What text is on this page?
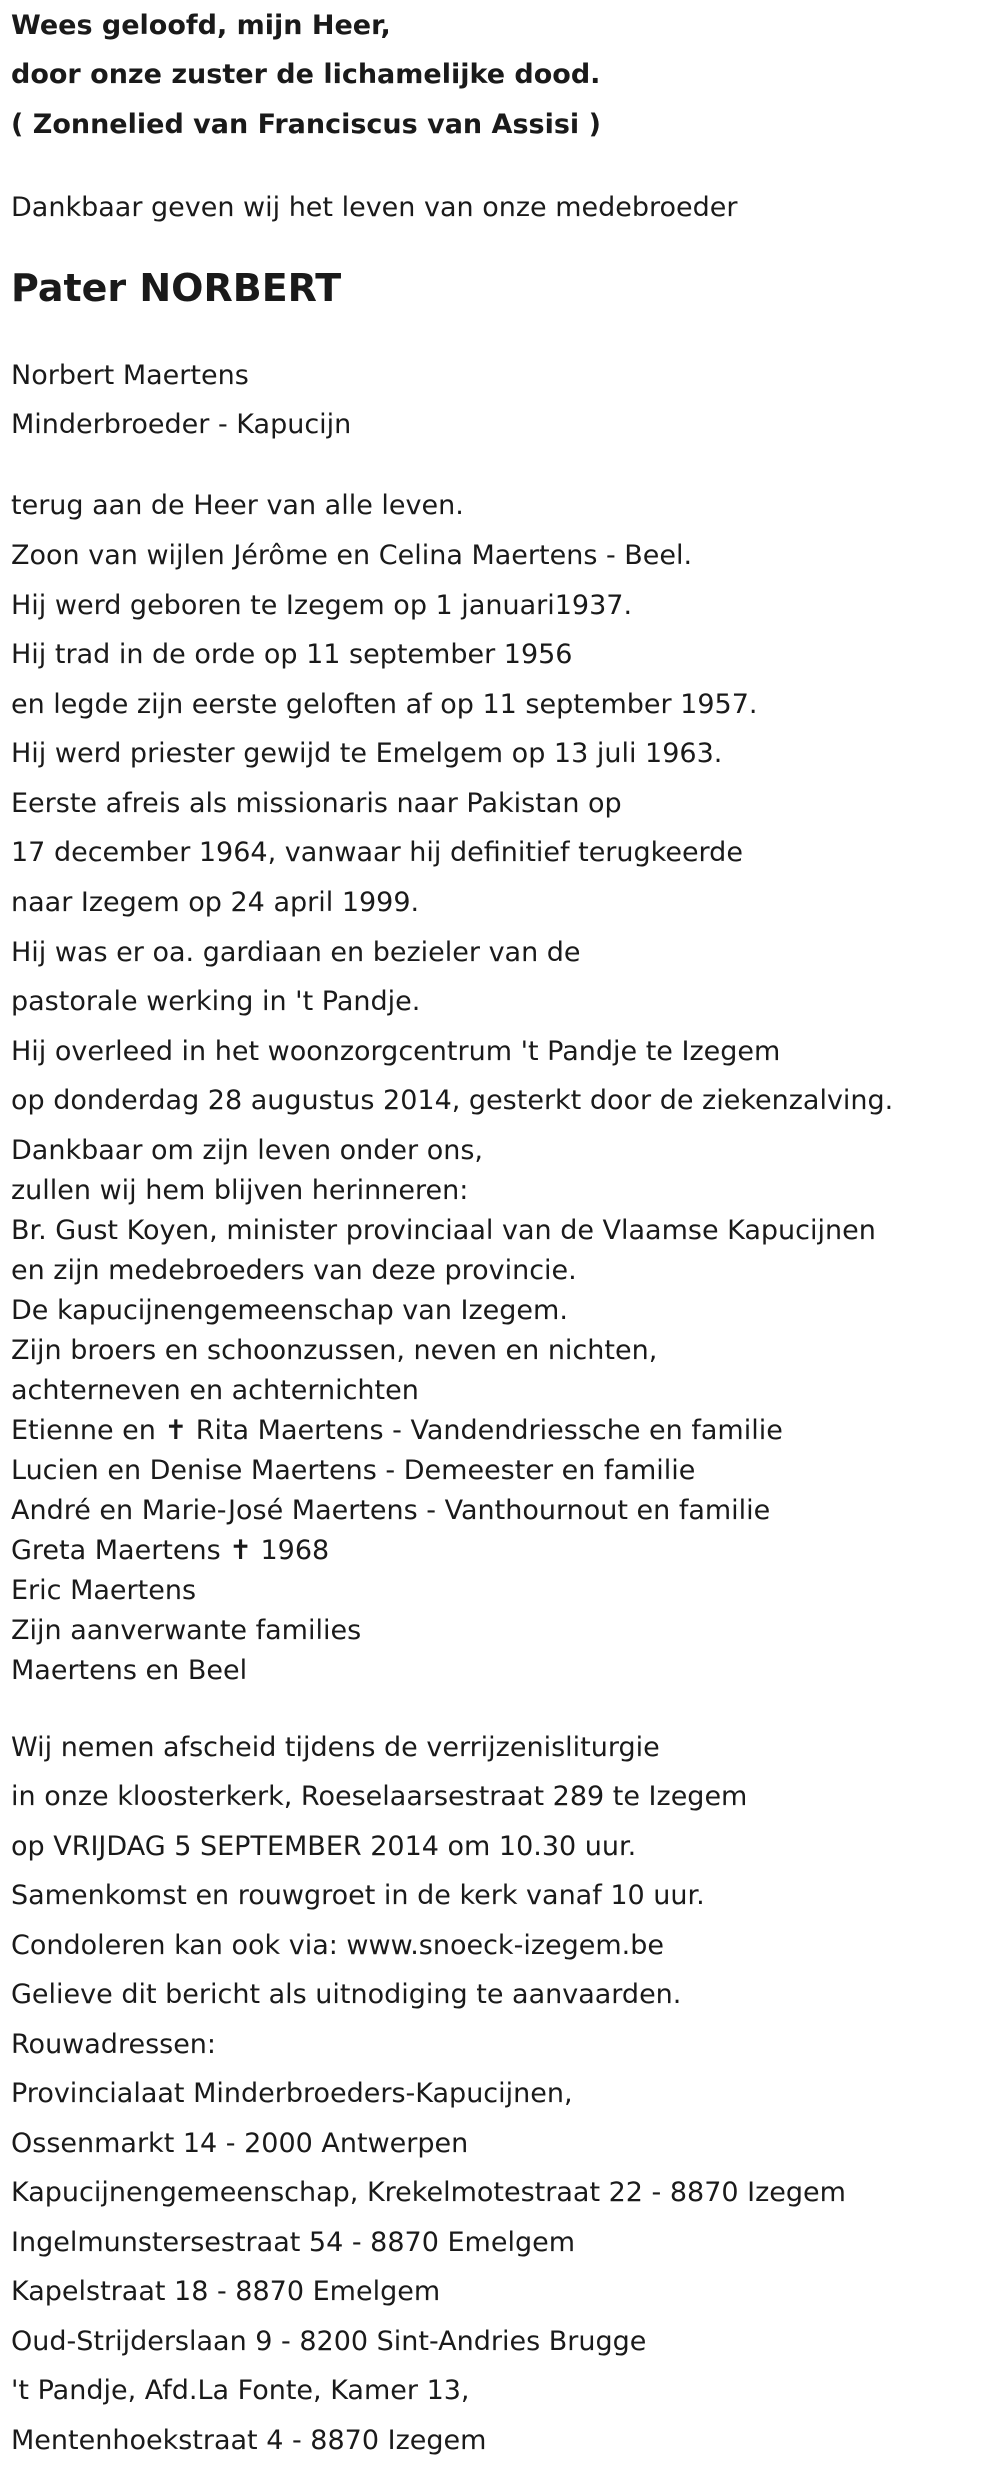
Wees geloofd, mijn Heer,
door onze zuster de lichamelijke dood.
( Zonnelied van Franciscus van Assisi )
Dankbaar geven wij het leven van onze medebroeder
Pater NORBERT
Norbert Maertens
Minderbroeder - Kapucijn
terug aan de Heer van alle leven.
Zoon van wijlen Jérôme en Celina Maertens - Beel.
Hij werd geboren te Izegem op 1 januari1937.
Hij trad in de orde op 11 september 1956
en legde zijn eerste geloften af op 11 september 1957.
Hij werd priester gewijd te Emelgem op 13 juli 1963.
Eerste afreis als missionaris naar Pakistan op
17 december 1964, vanwaar hij definitief terugkeerde
naar Izegem op 24 april 1999.
Hij was er oa. gardiaan en bezieler van de
pastorale werking in 't Pandje.
Hij overleed in het woonzorgcentrum 't Pandje te Izegem
op donderdag 28 augustus 2014, gesterkt door de ziekenzalving.
Dankbaar om zijn leven onder ons,
zullen wij hem blijven herinneren:
Br. Gust Koyen, minister provinciaal van de Vlaamse Kapucijnen
en zijn medebroeders van deze provincie.
De kapucijnengemeenschap van Izegem.
Zijn broers en schoonzussen, neven en nichten,
achterneven en achternichten
Etienne en ✝ Rita Maertens - Vandendriessche en familie
Lucien en Denise Maertens - Demeester en familie
André en Marie-José Maertens - Vanthournout en familie
Greta Maertens ✝ 1968
Eric Maertens
Zijn aanverwante families
Maertens en Beel
Wij nemen afscheid tijdens de verrijzenisliturgie
in onze kloosterkerk, Roeselaarsestraat 289 te Izegem
op VRIJDAG 5 SEPTEMBER 2014 om 10.30 uur.
Samenkomst en rouwgroet in de kerk vanaf 10 uur.
Condoleren kan ook via: www.snoeck-izegem.be
Gelieve dit bericht als uitnodiging te aanvaarden.
Rouwadressen:
Provincialaat Minderbroeders-Kapucijnen,
Ossenmarkt 14 - 2000 Antwerpen
Kapucijnengemeenschap, Krekelmotestraat 22 - 8870 Izegem
Ingelmunstersestraat 54 - 8870 Emelgem
Kapelstraat 18 - 8870 Emelgem
Oud-Strijderslaan 9 - 8200 Sint-Andries Brugge
't Pandje, Afd.La Fonte, Kamer 13,
Mentenhoekstraat 4 - 8870 Izegem
